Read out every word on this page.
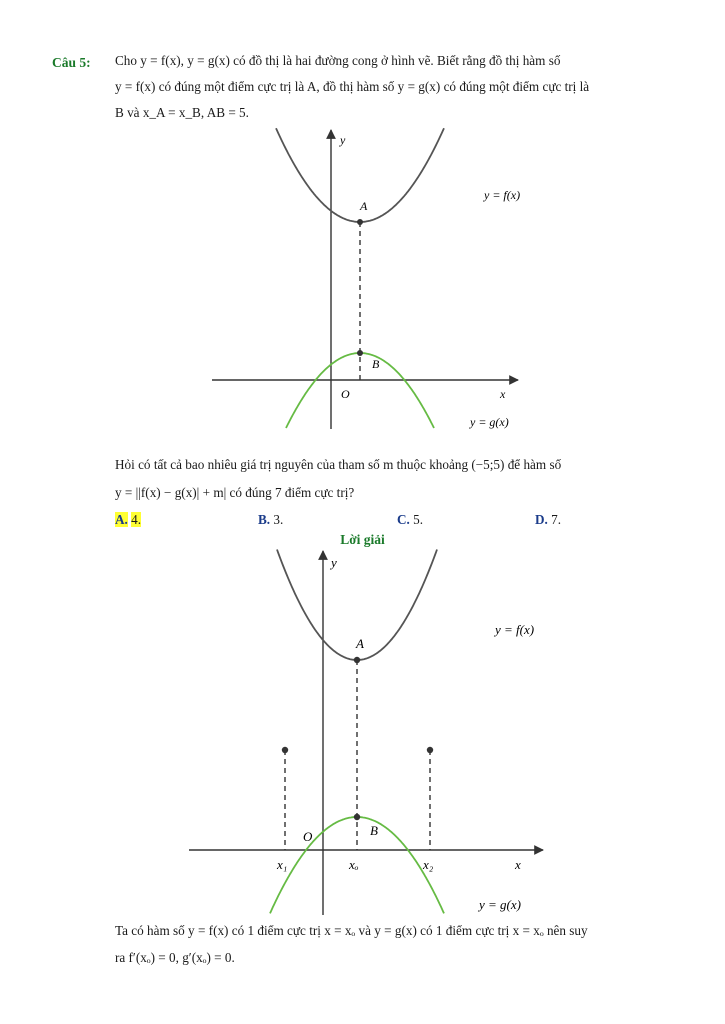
Câu 5: Cho y = f(x), y = g(x) có đồ thị là hai đường cong ở hình vẽ. Biết rằng đồ thị hàm số
y = f(x) có đúng một điểm cực trị là A, đồ thị hàm số y = g(x) có đúng một điểm cực trị là
B và x_A = x_B, AB = 5.
y
A
B
O	x
y = f(x)
y = g(x)
Hỏi có tất cả bao nhiêu giá trị nguyên của tham số m thuộc khoảng (−5;5) để hàm số
y = ||f(x) − g(x)| + m| có đúng 7 điểm cực trị?
A. 4.	B. 3.	C. 5.	D. 7.
Lời giải
y
A
B
O
x
x₁	xₒ	x₂
y = f(x)
y = g(x)
Ta có hàm số y = f(x) có 1 điểm cực trị x = xₒ và y = g(x) có 1 điểm cực trị x = xₒ nên suy
ra f′(xₒ) = 0, g′(xₒ) = 0.
